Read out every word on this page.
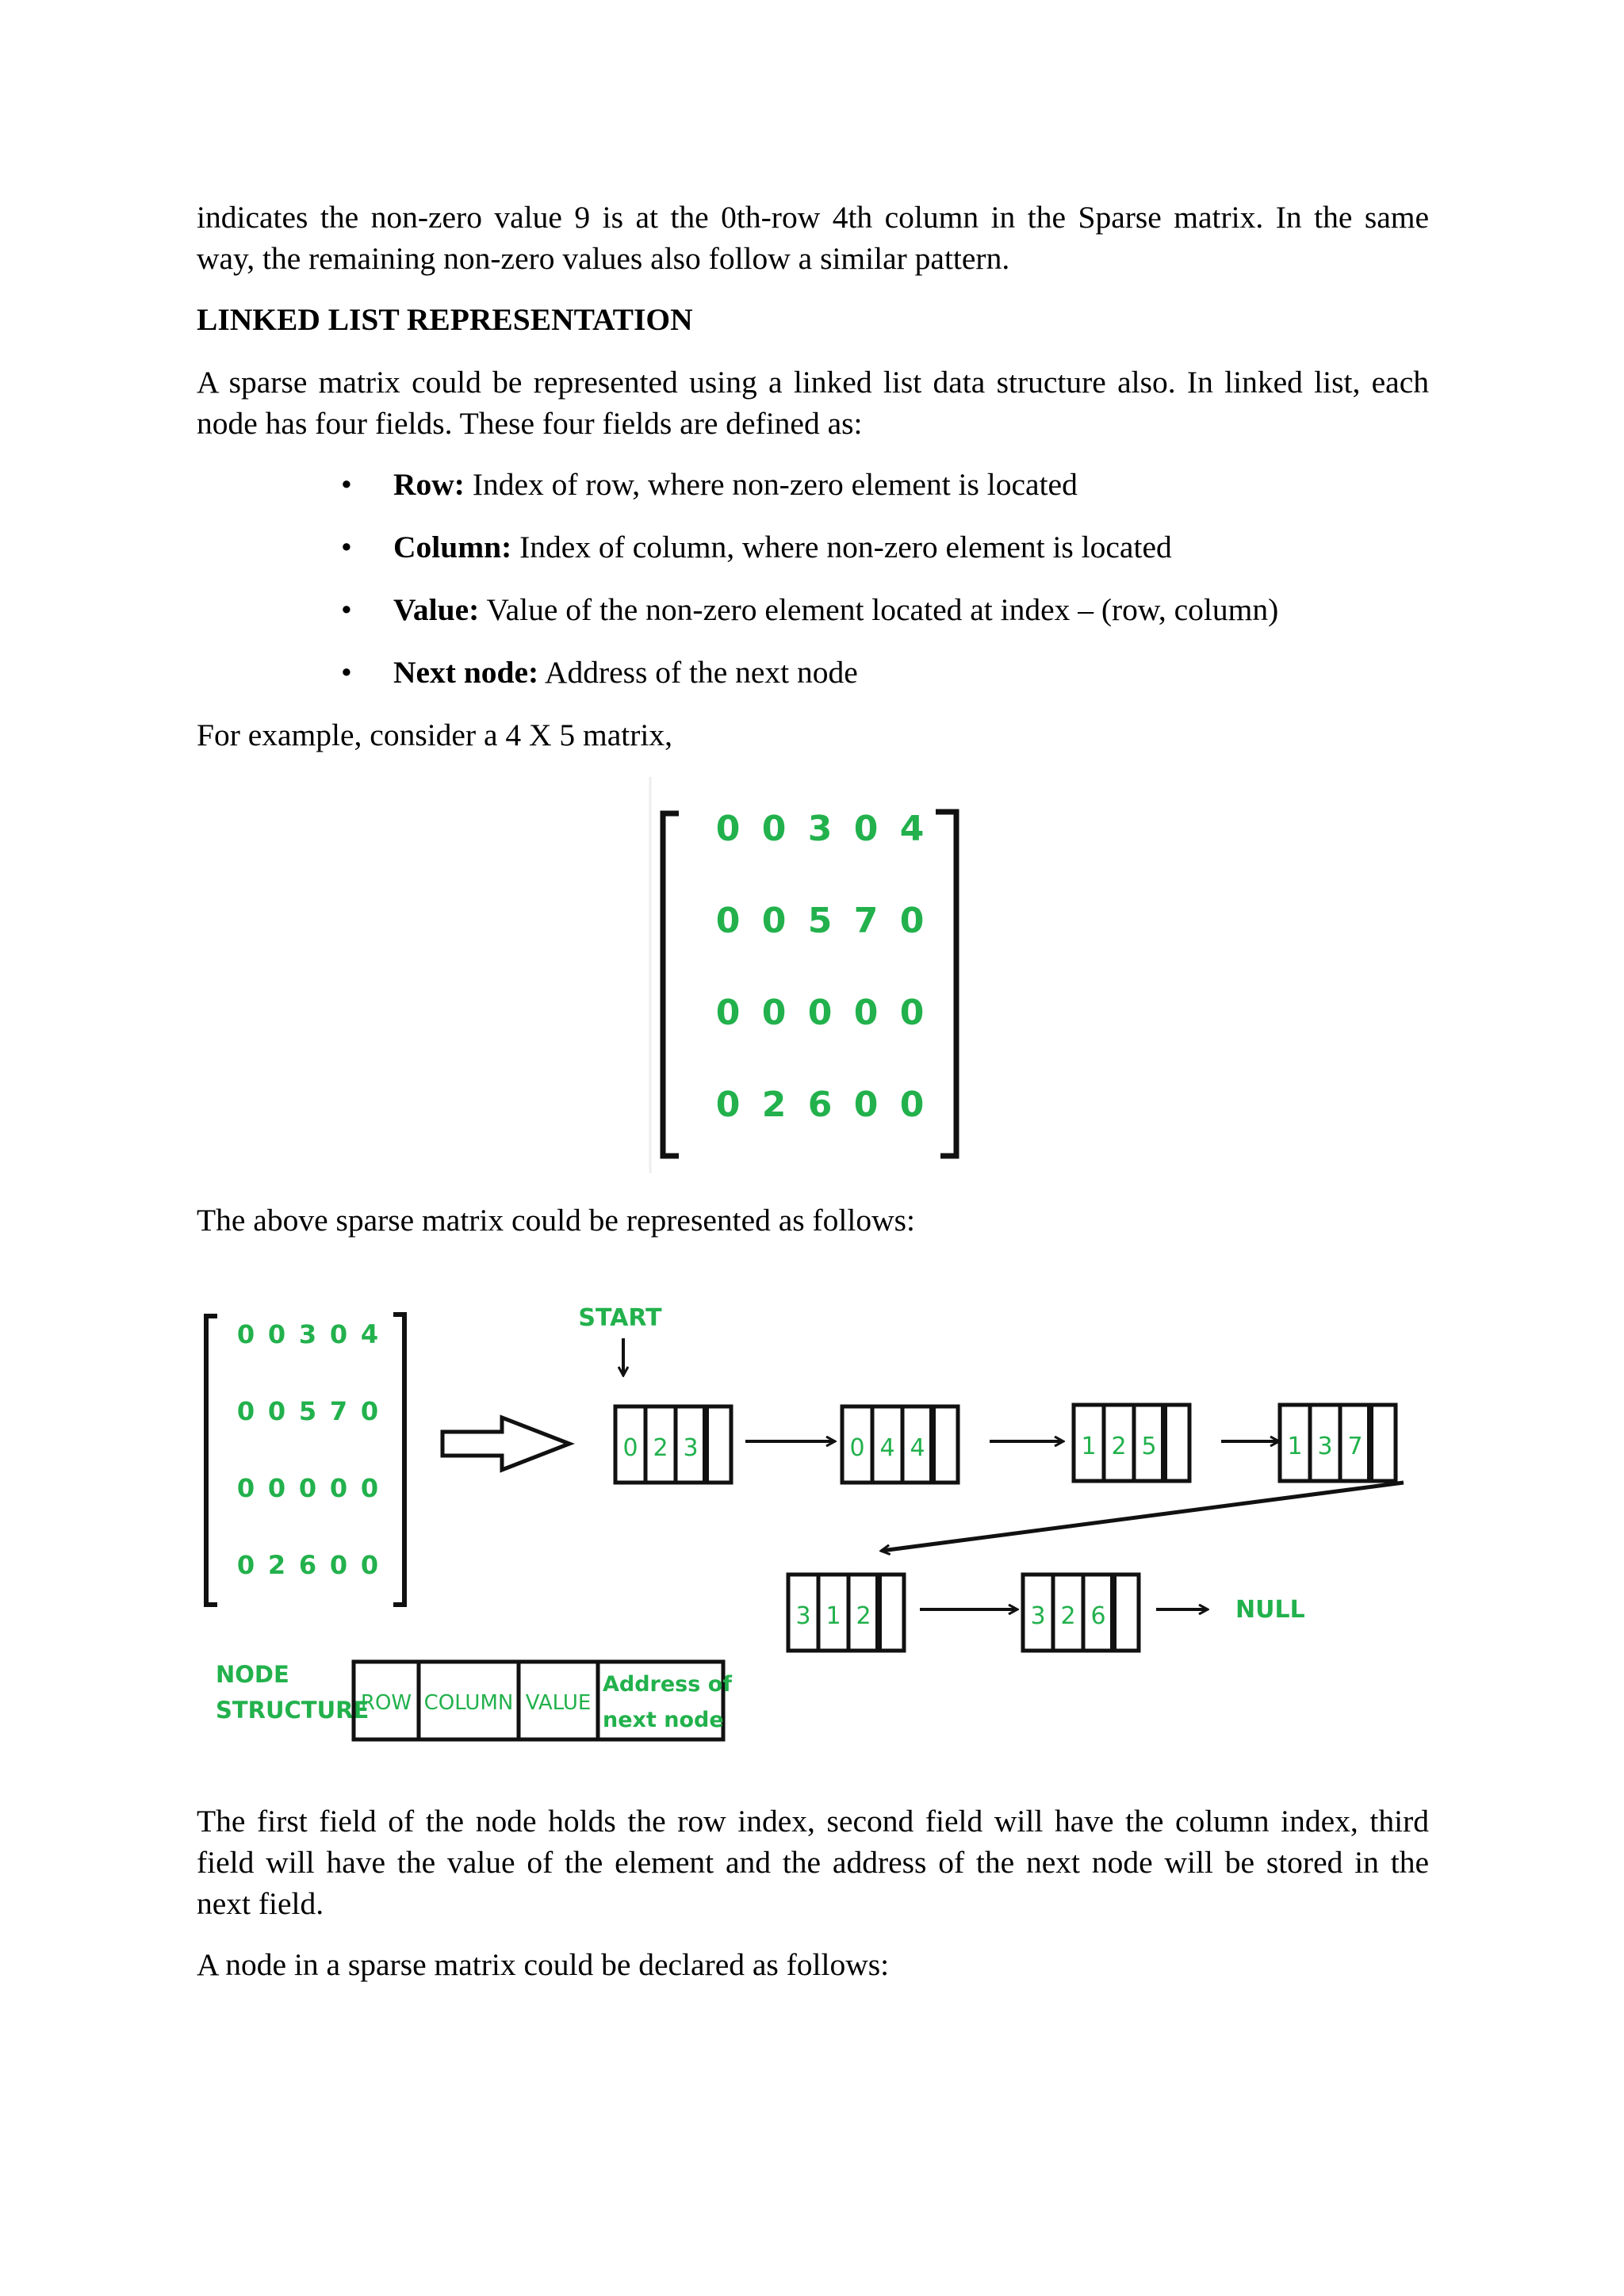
indicates the non-zero value 9 is at the 0th-row 4th column in the Sparse matrix. In the same
way, the remaining non-zero values also follow a similar pattern.

LINKED LIST REPRESENTATION

A sparse matrix could be represented using a linked list data structure also. In linked list, each
node has four fields. These four fields are defined as:

• Row: Index of row, where non-zero element is located
• Column: Index of column, where non-zero element is located
• Value: Value of the non-zero element located at index – (row, column)
• Next node: Address of the next node

For example, consider a 4 X 5 matrix,

0 0 3 0 4
0 0 5 7 0
0 0 0 0 0
0 2 6 0 0

The above sparse matrix could be represented as follows:

0 0 3 0 4
0 0 5 7 0
0 0 0 0 0
0 2 6 0 0
START
0 2 3	0 4 4	1 2 5	1 3 7
3 1 2	3 2 6	NULL
NODE
STRUCTURE
ROW COLUMN VALUE
Address of
next node

The first field of the node holds the row index, second field will have the column index, third
field will have the value of the element and the address of the next node will be stored in the
next field.

A node in a sparse matrix could be declared as follows:
